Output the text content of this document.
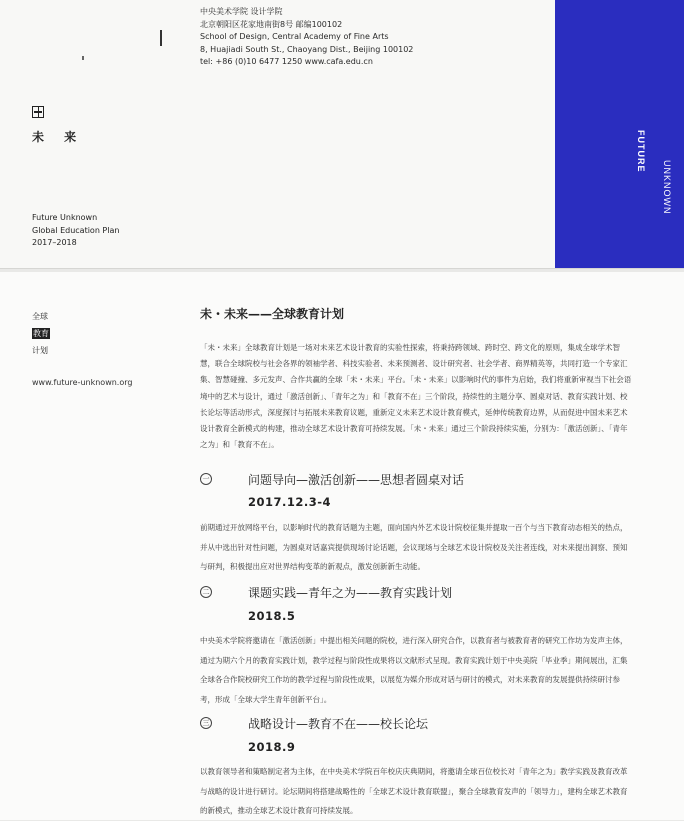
中央美术学院 设计学院
北京朝阳区花家地南街8号 邮编100102
School of Design, Central Academy of Fine Arts
8, Huajiadi South St., Chaoyang Dist., Beijing 100102
tel: +86 (0)10 6477 1250 www.cafa.edu.cn
未 来
Future Unknown
Global Education Plan
2017–2018
FUTURE
UNKNOWN
全球
教育
计划
www.future-unknown.org
未・未来——全球教育计划
「未・未来」全球教育计划是一场对未来艺术设计教育的实验性探索，将秉持跨领域、跨时空、跨文化的原则，集成全球学术智慧，联合全球院校与社会各界的领袖学者、科技实验者、未来预测者、设计研究者、社会学者、商界精英等，共同打造一个专家汇集、智慧碰撞、多元发声、合作共赢的全球「未・未来」平台。「未・未来」以影响时代的事件为启始，我们将重新审视当下社会语境中的艺术与设计，通过「激活创新」、「青年之为」和「教育不在」三个阶段，持续性的主题分享、圆桌对话、教育实践计划、校长论坛等活动形式，深度探讨与拓展未来教育议题，重新定义未来艺术设计教育模式，延伸传统教育边界，从而促进中国未来艺术设计教育全新模式的构建，推动全球艺术设计教育可持续发展。「未・未来」通过三个阶段持续实施，分别为：「激活创新」、「青年之为」和「教育不在」。
一	问题导向—激活创新——思想者圆桌对话
2017.12.3-4
前期通过开放网络平台，以影响时代的教育话题为主题，面向国内外艺术设计院校征集并提取一百个与当下教育动态相关的热点，并从中选出针对性问题，为圆桌对话嘉宾提供现场讨论话题，会议现场与全球艺术设计院校及关注者连线，对未来提出洞察、预知与研判，积极提出应对世界结构变革的新观点，激发创新新生动能。
二	课题实践—青年之为——教育实践计划
2018.5
中央美术学院将邀请在「激活创新」中提出相关问题的院校，进行深入研究合作，以教育者与被教育者的研究工作坊为发声主体，通过为期六个月的教育实践计划，教学过程与阶段性成果将以文献形式呈现。教育实践计划于中央美院「毕业季」期间展出，汇集全球各合作院校研究工作坊的教学过程与阶段性成果，以展览为媒介形成对话与研讨的模式，对未来教育的发展提供持续研讨参考，形成「全球大学生青年创新平台」。
三	战略设计—教育不在——校长论坛
2018.9
以教育领导者和策略制定者为主体，在中央美术学院百年校庆庆典期间，将邀请全球百位校长对「青年之为」教学实践及教育改革与战略的设计进行研讨。论坛期间将搭建战略性的「全球艺术设计教育联盟」，聚合全球教育发声的「领导力」，建构全球艺术教育的新模式，推动全球艺术设计教育可持续发展。
